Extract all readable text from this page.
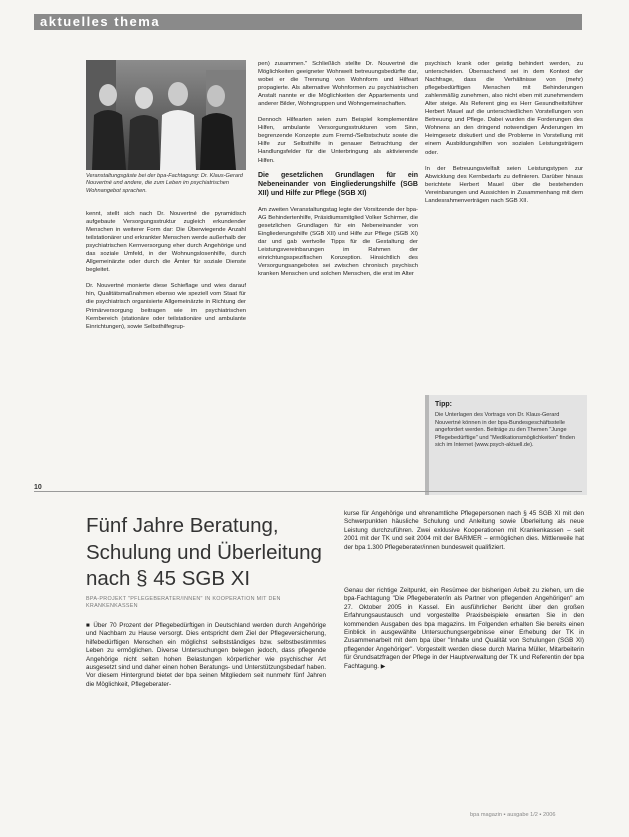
aktuelles thema
Veranstaltungsgäste bei der bpa-Fachtagung: Dr. Klaus-Gerard Nouvertné und andere, die zum Leben im psychiatrischen Wohnangebot sprachen.

kennt, stellt sich nach Dr. Nouvertné die pyramidisch aufgebaute Versorgungsstruktur zugleich erkundender Menschen in weiterer Form dar: Die Überwiegende Anzahl teilstationärer und erkrankter Menschen werde außerhalb der psychiatrischen Kernversorgung eher durch Angehörige und das soziale Umfeld, in der Wohnungslosenhilfe, durch Allgemeinärzte oder durch die Ämter für soziale Dienste begleitet.

Dr. Nouvertné monierte diese Schieflage und wies darauf hin, Qualitätsmaßnahmen ebenso wie speziell vom Staat für die psychiatrisch organisierte Allgemeinärzte in Richtung der Primärversorgung beitragen wie im psychiatrischen Kernbereich (stationäre oder teilstationäre und ambulante Einrichtungen), sowie Selbsthilfegrup-

pen) zusammen." Schließlich stellte Dr. Nouvertné die Möglichkeiten geeigneter Wohnwelt betreuungsbedürfte dar, wobei er die Trennung von Wohnform und Hilfeart propagierte. Als alternative Wohnformen zu psychiatrischen Anstalt nannte er die Möglichkeiten der Appartements und anderer Bilder, Wohngruppen und Wohngemeinschaften.

Dennoch Hilfearten seien zum Beispiel komplementäre Hilfen, ambulante Versorgungsstrukturen vom Sinn, begrenzende Konzepte zum Fremd-/Selbstschutz sowie die Hilfe zur Selbsthilfe in genauer Betrachtung der Handlungsfelder für die Unterbringung als aktivierende Hilfen.

Die gesetzlichen Grundlagen für ein Nebeneinander von Eingliederungshilfe (SGB XII) und Hilfe zur Pflege (SGB XI)

Am zweiten Veranstaltungstag legte der Vorsitzende der bpa-AG Behindertenhilfe, Präsidiumsmitglied Volker Schirmer, die gesetzlichen Grundlagen für ein Nebeneinander von Eingliederungshilfe (SGB XII) und Hilfe zur Pflege (SGB XI) dar und gab wertvolle Tipps für die Gestaltung der Leistungsvereinbarungen im Rahmen der einrichtungsspezifischen Konzeption. Hinsichtlich des Versorgungsangebotes sei zwischen chronisch psychisch kranken Menschen und solchen Menschen, die erst im Alter

psychisch krank oder geistig behindert werden, zu unterscheiden. Überraschend sei in dem Kontext der Nachfrage, dass die Verhältnisse von (mehr) pflegebedürftigen Menschen mit Behinderungen zahlenmäßig zunehmen, also nicht eben mit zunehmendem Alter steige. Als Referent ging es Herr Gesundheitsführer Herbert Mauel auf die unterschiedlichen Vorstellungen von Betreuung und Pflege. Dabei wurden die Forderungen des Wohnens an den dringend notwendigen Änderungen im Heimgesetz diskutiert und die Probleme in Vorstellung mit einem Ausbildungshilfen von sozialen Leistungsträgern oder.

In der Betreuungsvielfalt seien Leistungstypen zur Abwicklung des Kernbedarfs zu definieren. Darüber hinaus berichtete Herbert Mauel über die bestehenden Vereinbarungen und Aussichten in Zusammenhang mit dem Landesrahmenverträgen nach SGB XII.

Tipp:
Die Unterlagen des Vortrags von Dr. Klaus-Gerard Nouvertné können in der bpa-Bundesgeschäftsstelle angefordert werden. Beiträge zu den Themen "Junge Pflegebedürftige" und "Medikationsmöglichkeiten" finden sich im Internet (www.psych-aktuell.de).
10
Fünf Jahre Beratung, Schulung und Überleitung nach § 45 SGB XI
BPA-PROJEKT "PFLEGEBERATER/INNEN" IN KOOPERATION MIT DEN KRANKENKASSEN
■ Über 70 Prozent der Pflegebedürftigen in Deutschland werden durch Angehörige und Nachbarn zu Hause versorgt. Dies entspricht dem Ziel der Pflegeversicherung, hilfebedürftigen Menschen ein möglichst selbstständiges bzw. selbstbestimmtes Leben zu ermöglichen. Diverse Untersuchungen belegen jedoch, dass pflegende Angehörige nicht selten hohen Belastungen körperlicher wie psychischer Art ausgesetzt sind und daher einen hohen Beratungs- und Unterstützungsbedarf haben. Vor diesem Hintergrund bietet der bpa seinen Mitgliedern seit nunmehr fünf Jahren die Möglichkeit, Pflegeberater-
kurse für Angehörige und ehrenamtliche Pflegepersonen nach § 45 SGB XI mit den Schwerpunkten häusliche Schulung und Anleitung sowie Überleitung als neue Leistung durchzuführen. Zwei exklusive Kooperationen mit Krankenkassen – seit 2001 mit der TK und seit 2004 mit der BARMER – ermöglichen dies. Mittlerweile hat der bpa 1.300 Pflegeberater/innen bundesweit qualifiziert.
Genau der richtige Zeitpunkt, ein Resümee der bisherigen Arbeit zu ziehen, um die bpa-Fachtagung "Die Pflegeberater/in als Partner von pflegenden Angehörigen" am 27. Oktober 2005 in Kassel. Ein ausführlicher Bericht über den großen Erfahrungsaustausch und vorgestellte Praxisbeispiele erwarten Sie in den kommenden Ausgaben des bpa magazins. Im Folgenden erhalten Sie bereits einen Einblick in ausgewählte Untersuchungsergebnisse einer Erhebung der TK in Zusammenarbeit mit dem bpa über "Inhalte und Qualität von Schulungen (SGB XI) pflegender Angehöriger". Vorgestellt werden diese durch Marina Müller, Mitarbeiterin für Grundsatzfragen der Pflege in der Hauptverwaltung der TK und Referentin der bpa Fachtagung. ▶
bpa magazin ▪ ausgabe 1/2 ▪ 2006
